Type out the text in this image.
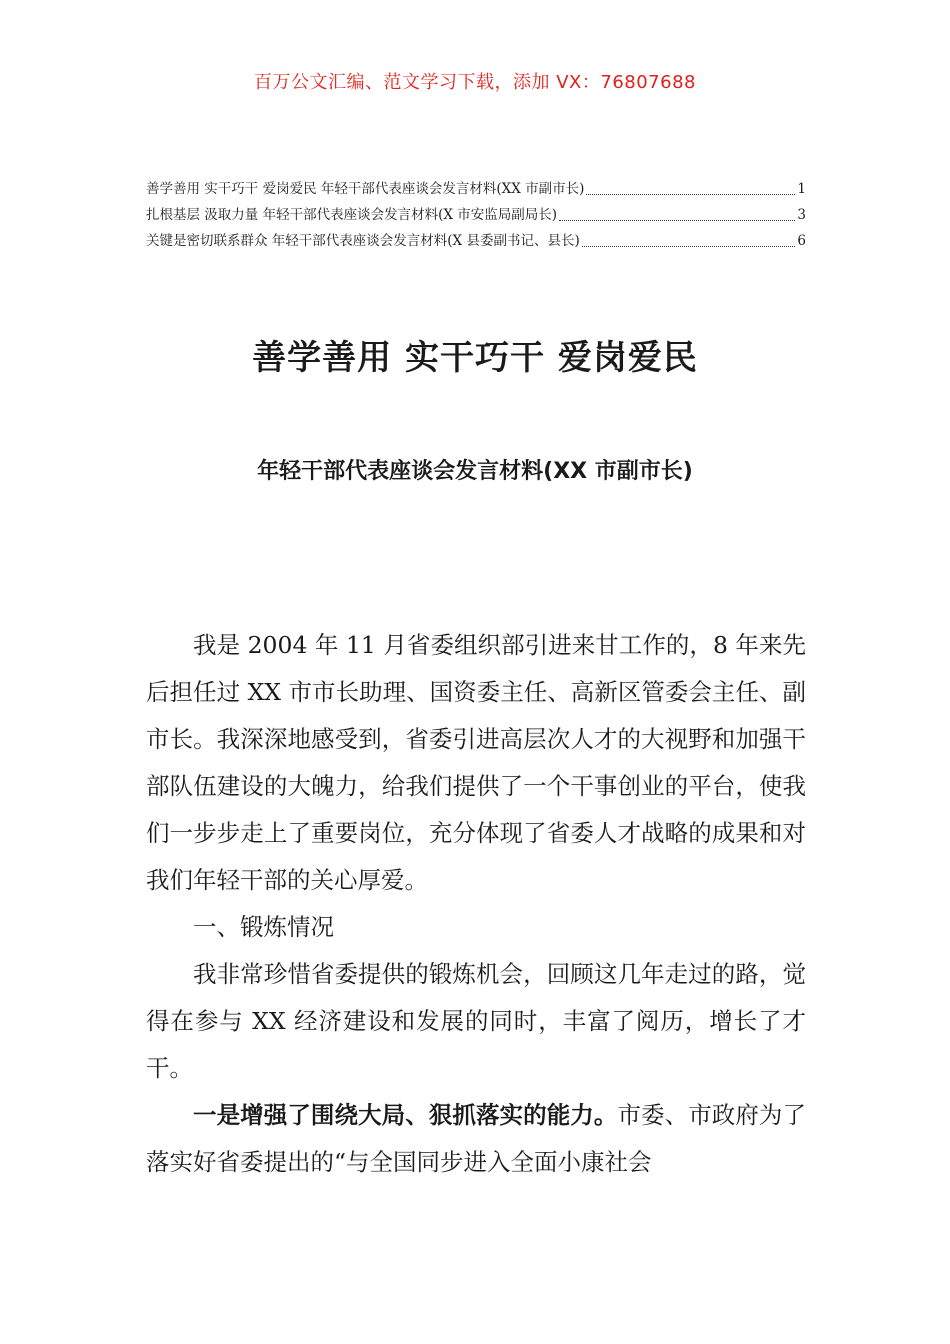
百万公文汇编、范文学习下载，添加 VX：76807688
善学善用 实干巧干 爱岗爱民 年轻干部代表座谈会发言材料(XX 市副市长)	1
扎根基层 汲取力量 年轻干部代表座谈会发言材料(X 市安监局副局长)	3
关键是密切联系群众 年轻干部代表座谈会发言材料(X 县委副书记、县长)	6
善学善用 实干巧干 爱岗爱民
年轻干部代表座谈会发言材料(XX 市副市长)

我是 2004 年 11 月省委组织部引进来甘工作的，8 年来先后担任过 XX 市市长助理、国资委主任、高新区管委会主任、副市长。我深深地感受到，省委引进高层次人才的大视野和加强干部队伍建设的大魄力，给我们提供了一个干事创业的平台，使我们一步步走上了重要岗位，充分体现了省委人才战略的成果和对我们年轻干部的关心厚爱。

一、锻炼情况

我非常珍惜省委提供的锻炼机会，回顾这几年走过的路，觉得在参与 XX 经济建设和发展的同时，丰富了阅历，增长了才干。

一是增强了围绕大局、狠抓落实的能力。市委、市政府为了落实好省委提出的“与全国同步进入全面小康社会
